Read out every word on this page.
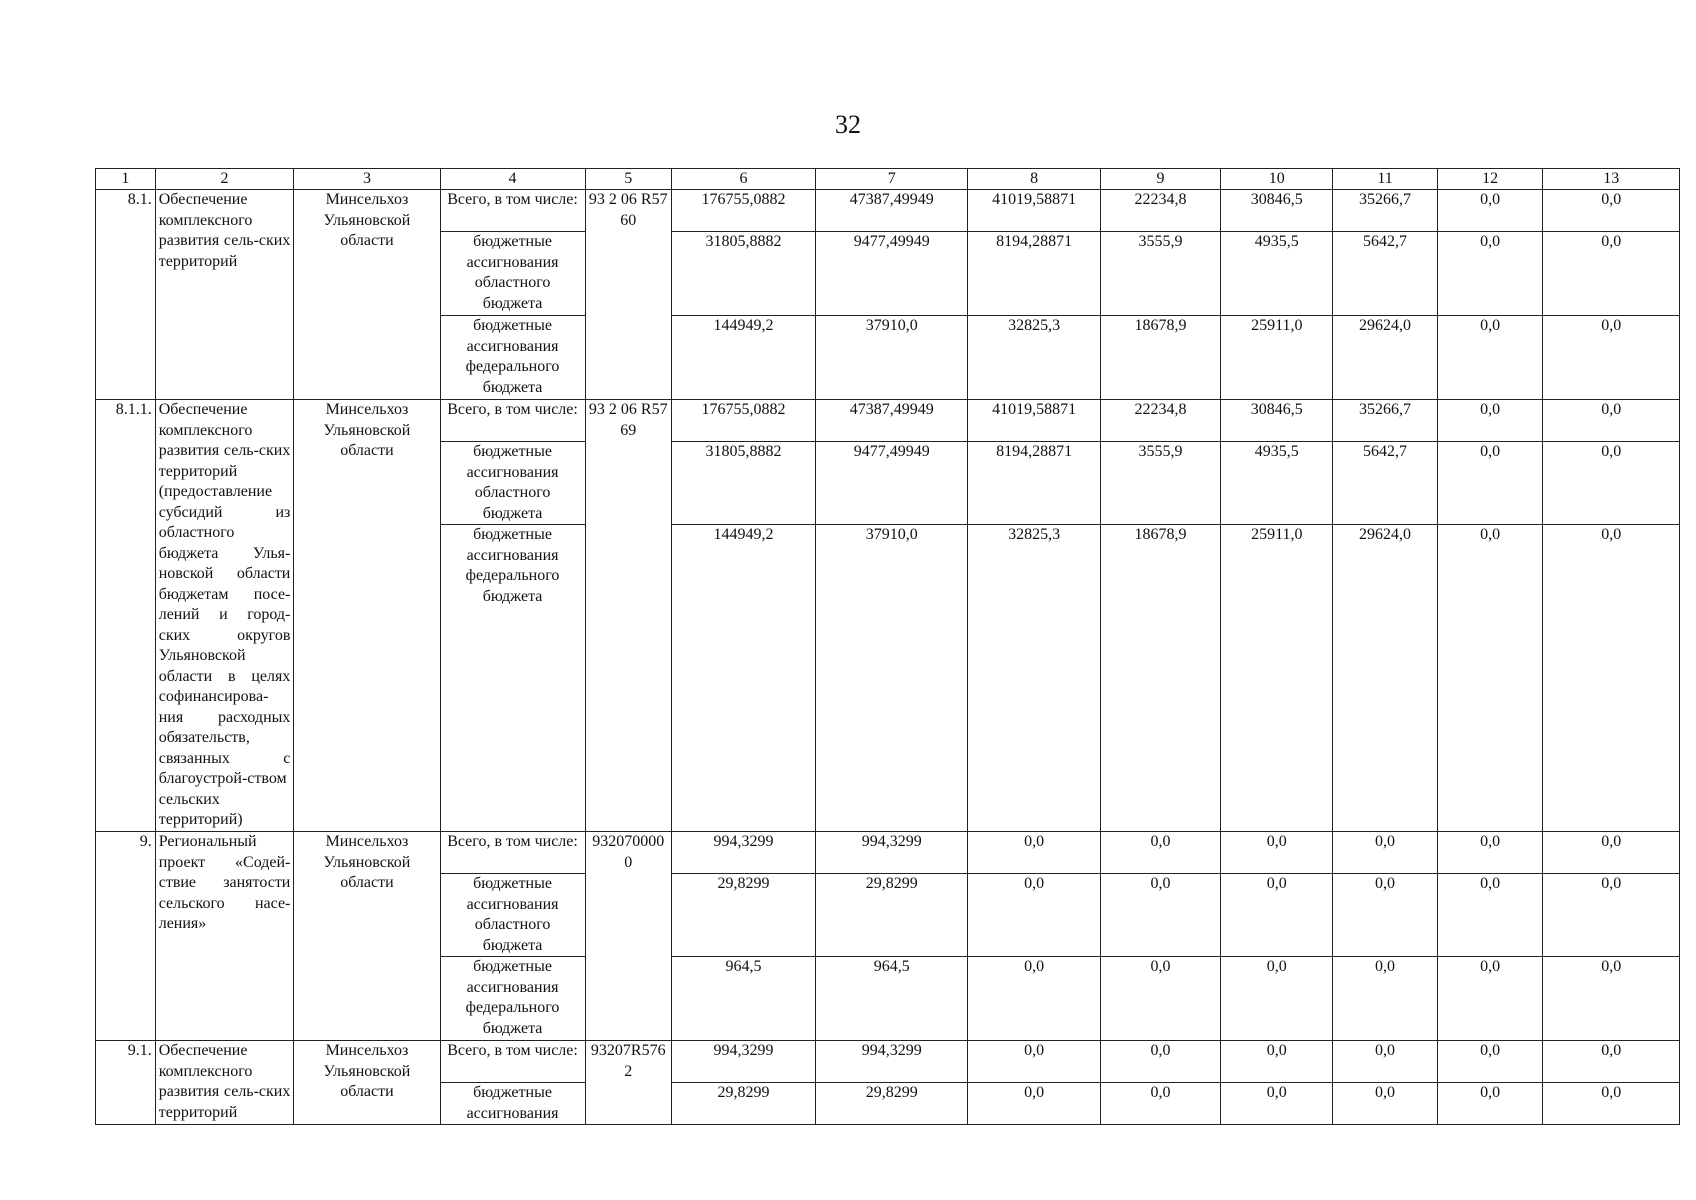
32
1	2	3	4	5	6	7	8	9	10	11	12	13
8.1.	Обеспечение комплексного развития сель-ских территорий	Минсельхоз Ульяновской области	Всего, в том числе:	93 2 06 R5760	176755,0882	47387,49949	41019,58871	22234,8	30846,5	35266,7	0,0	0,0
			бюджетные ассигнования областного бюджета		31805,8882	9477,49949	8194,28871	3555,9	4935,5	5642,7	0,0	0,0
			бюджетные ассигнования федерального бюджета		144949,2	37910,0	32825,3	18678,9	25911,0	29624,0	0,0	0,0
8.1.1.	Обеспечение комплексного развития сель-ских территорий (предоставление субсидий из областного бюджета Улья-новской области бюджетам посе-лений и город-ских округов Ульяновской области в целях софинансирова-ния расходных обязательств, связанных с благоустрой-ством сельских территорий)	Минсельхоз Ульяновской области	Всего, в том числе:	93 2 06 R5769	176755,0882	47387,49949	41019,58871	22234,8	30846,5	35266,7	0,0	0,0
			бюджетные ассигнования областного бюджета		31805,8882	9477,49949	8194,28871	3555,9	4935,5	5642,7	0,0	0,0
			бюджетные ассигнования федерального бюджета		144949,2	37910,0	32825,3	18678,9	25911,0	29624,0	0,0	0,0
9.	Региональный проект «Содей-ствие занятости сельского насе-ления»	Минсельхоз Ульяновской области	Всего, в том числе:	9320700000	994,3299	994,3299	0,0	0,0	0,0	0,0	0,0	0,0
			бюджетные ассигнования областного бюджета		29,8299	29,8299	0,0	0,0	0,0	0,0	0,0	0,0
			бюджетные ассигнования федерального бюджета		964,5	964,5	0,0	0,0	0,0	0,0	0,0	0,0
9.1.	Обеспечение комплексного развития сель-ских территорий	Минсельхоз Ульяновской области	Всего, в том числе:	93207R5762	994,3299	994,3299	0,0	0,0	0,0	0,0	0,0	0,0
			бюджетные ассигнования		29,8299	29,8299	0,0	0,0	0,0	0,0	0,0	0,0
